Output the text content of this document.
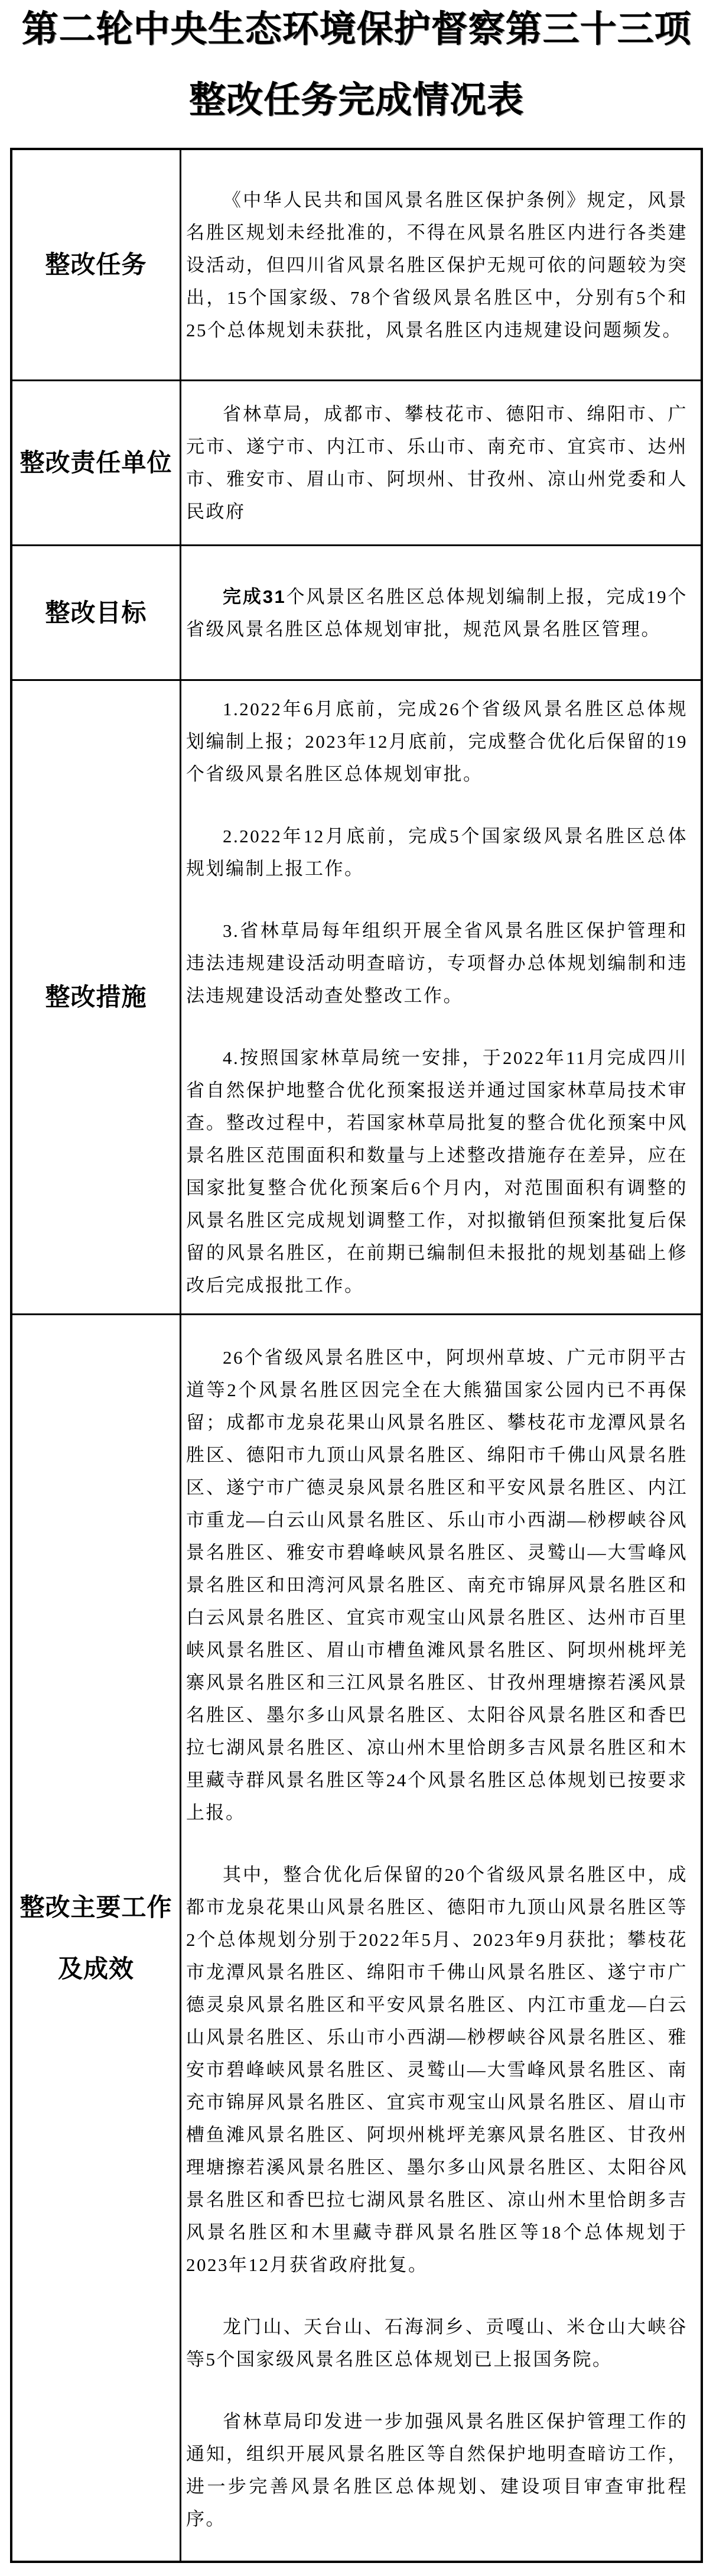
第二轮中央生态环境保护督察第三十三项
整改任务完成情况表
整改任务

《中华人民共和国风景名胜区保护条例》规定，风景名胜区规划未经批准的，不得在风景名胜区内进行各类建设活动，但四川省风景名胜区保护无规可依的问题较为突出，15个国家级、78个省级风景名胜区中，分别有5个和25个总体规划未获批，风景名胜区内违规建设问题频发。

整改责任单位

省林草局，成都市、攀枝花市、德阳市、绵阳市、广元市、遂宁市、内江市、乐山市、南充市、宜宾市、达州市、雅安市、眉山市、阿坝州、甘孜州、凉山州党委和人民政府

整改目标

完成31个风景区名胜区总体规划编制上报，完成19个省级风景名胜区总体规划审批，规范风景名胜区管理。

整改措施

1.2022年6月底前，完成26个省级风景名胜区总体规划编制上报；2023年12月底前，完成整合优化后保留的19个省级风景名胜区总体规划审批。

2.2022年12月底前，完成5个国家级风景名胜区总体规划编制上报工作。

3.省林草局每年组织开展全省风景名胜区保护管理和违法违规建设活动明查暗访，专项督办总体规划编制和违法违规建设活动查处整改工作。

4.按照国家林草局统一安排，于2022年11月完成四川省自然保护地整合优化预案报送并通过国家林草局技术审查。整改过程中，若国家林草局批复的整合优化预案中风景名胜区范围面积和数量与上述整改措施存在差异，应在国家批复整合优化预案后6个月内，对范围面积有调整的风景名胜区完成规划调整工作，对拟撤销但预案批复后保留的风景名胜区，在前期已编制但未报批的规划基础上修改后完成报批工作。

整改主要工作
及成效

26个省级风景名胜区中，阿坝州草坡、广元市阴平古道等2个风景名胜区因完全在大熊猫国家公园内已不再保留；成都市龙泉花果山风景名胜区、攀枝花市龙潭风景名胜区、德阳市九顶山风景名胜区、绵阳市千佛山风景名胜区、遂宁市广德灵泉风景名胜区和平安风景名胜区、内江市重龙—白云山风景名胜区、乐山市小西湖—桫椤峡谷风景名胜区、雅安市碧峰峡风景名胜区、灵鹫山—大雪峰风景名胜区和田湾河风景名胜区、南充市锦屏风景名胜区和白云风景名胜区、宜宾市观宝山风景名胜区、达州市百里峡风景名胜区、眉山市槽鱼滩风景名胜区、阿坝州桃坪羌寨风景名胜区和三江风景名胜区、甘孜州理塘擦若溪风景名胜区、墨尔多山风景名胜区、太阳谷风景名胜区和香巴拉七湖风景名胜区、凉山州木里恰朗多吉风景名胜区和木里藏寺群风景名胜区等24个风景名胜区总体规划已按要求上报。

其中，整合优化后保留的20个省级风景名胜区中，成都市龙泉花果山风景名胜区、德阳市九顶山风景名胜区等2个总体规划分别于2022年5月、2023年9月获批；攀枝花市龙潭风景名胜区、绵阳市千佛山风景名胜区、遂宁市广德灵泉风景名胜区和平安风景名胜区、内江市重龙—白云山风景名胜区、乐山市小西湖—桫椤峡谷风景名胜区、雅安市碧峰峡风景名胜区、灵鹫山—大雪峰风景名胜区、南充市锦屏风景名胜区、宜宾市观宝山风景名胜区、眉山市槽鱼滩风景名胜区、阿坝州桃坪羌寨风景名胜区、甘孜州理塘擦若溪风景名胜区、墨尔多山风景名胜区、太阳谷风景名胜区和香巴拉七湖风景名胜区、凉山州木里恰朗多吉风景名胜区和木里藏寺群风景名胜区等18个总体规划于2023年12月获省政府批复。

龙门山、天台山、石海洞乡、贡嘎山、米仓山大峡谷等5个国家级风景名胜区总体规划已上报国务院。

省林草局印发进一步加强风景名胜区保护管理工作的通知，组织开展风景名胜区等自然保护地明查暗访工作，进一步完善风景名胜区总体规划、建设项目审查审批程序。
